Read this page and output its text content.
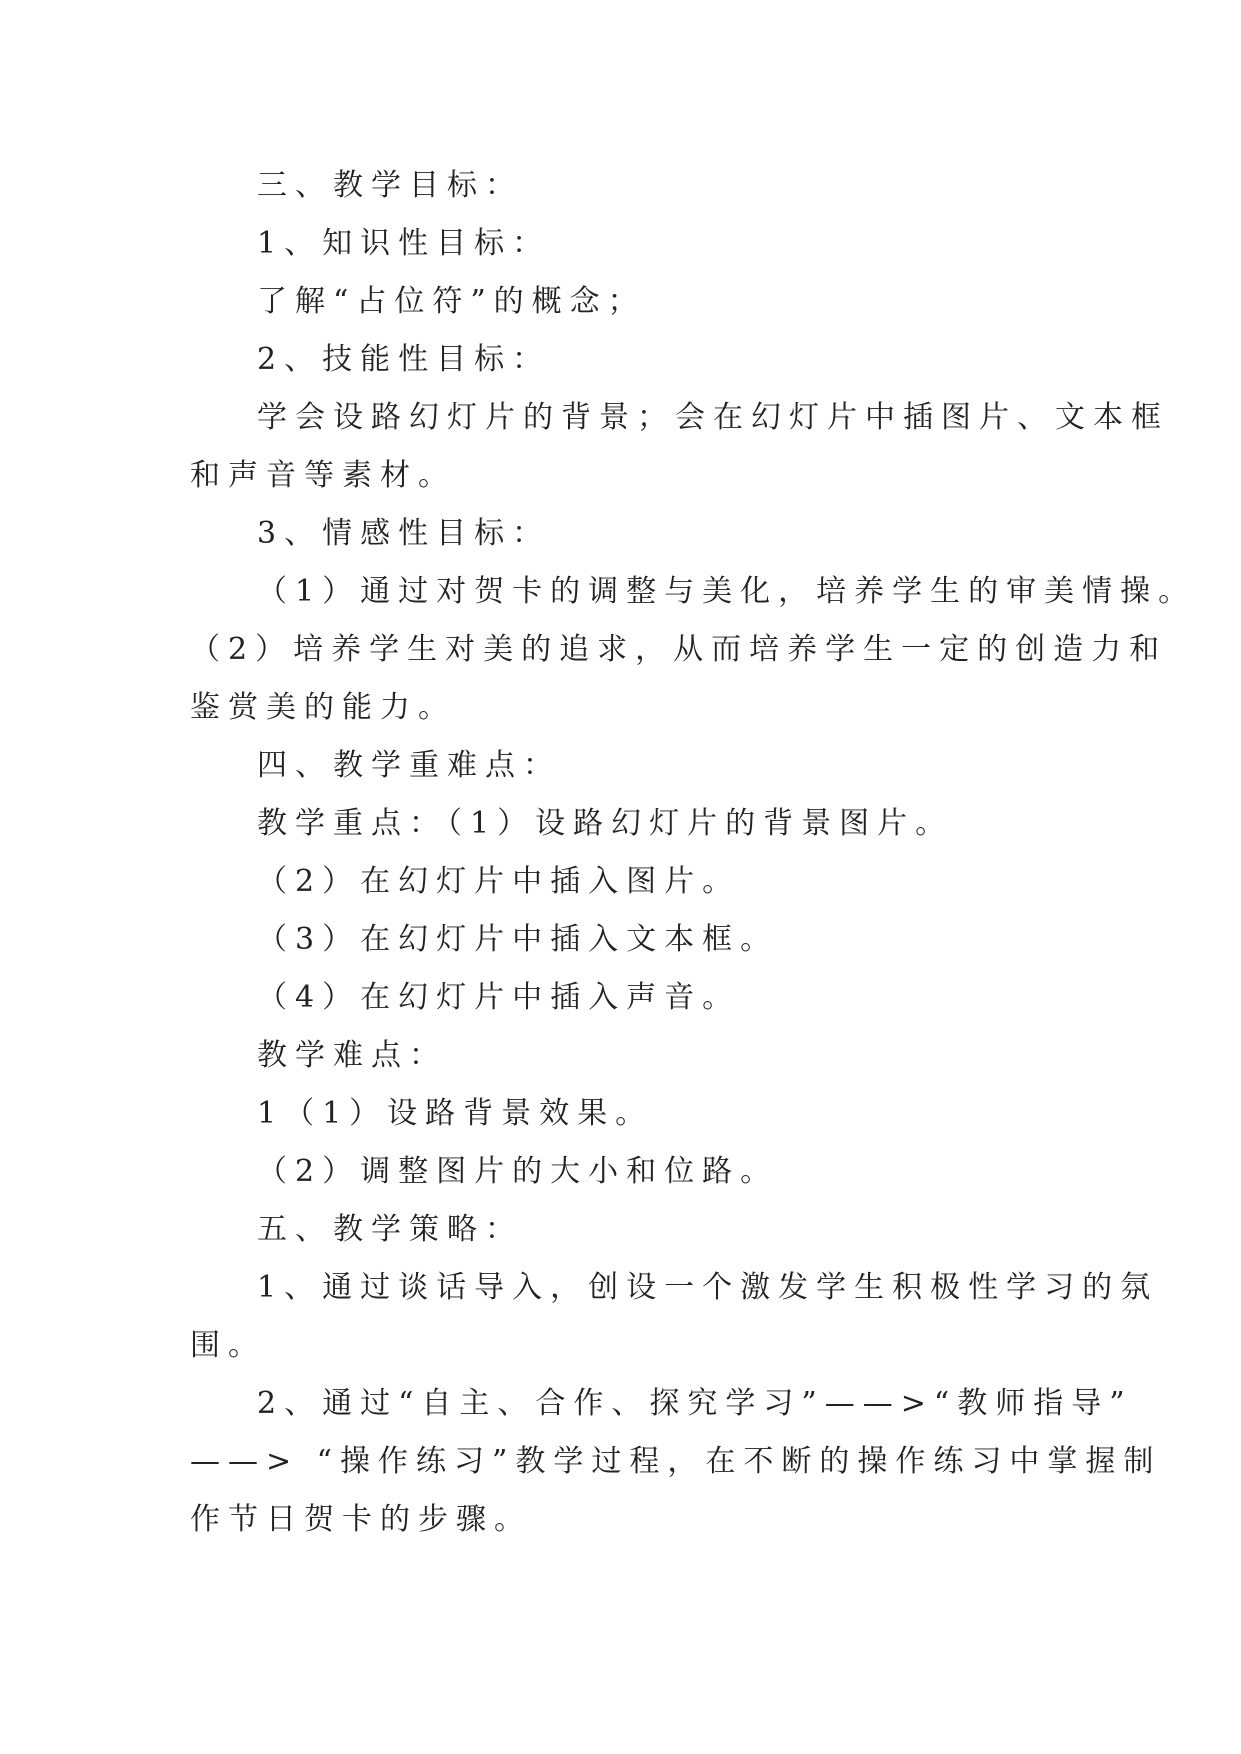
三、教学目标：
1、知识性目标：
了解“占位符”的概念；
2、技能性目标：
学会设路幻灯片的背景；会在幻灯片中插图片、文本框
和声音等素材。
3、情感性目标：
（1）通过对贺卡的调整与美化，培养学生的审美情操。
（2）培养学生对美的追求，从而培养学生一定的创造力和
鉴赏美的能力。
四、教学重难点：
教学重点：（1）设路幻灯片的背景图片。
（2）在幻灯片中插入图片。
（3）在幻灯片中插入文本框。
（4）在幻灯片中插入声音。
教学难点：
1（1）设路背景效果。
（2）调整图片的大小和位路。
五、教学策略：
1、通过谈话导入，创设一个激发学生积极性学习的氛
围。
2、通过“自主、合作、探究学习”——>“教师指导”
——> “操作练习”教学过程，在不断的操作练习中掌握制
作节日贺卡的步骤。
